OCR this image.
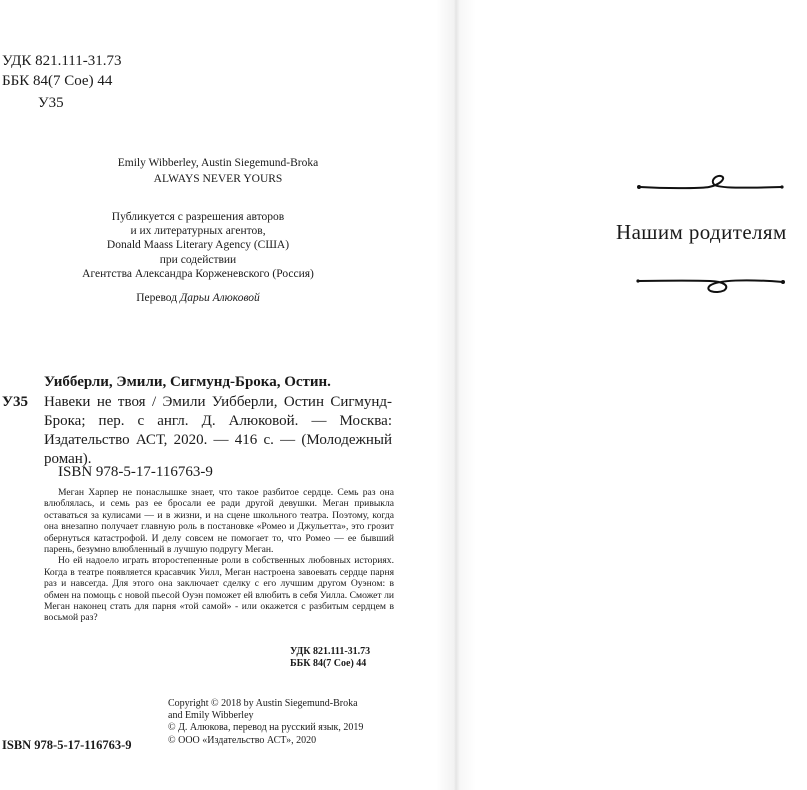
УДК 821.111-31.73
ББК 84(7 Сое) 44
У35
Emily Wibberley, Austin Siegemund-Broka
ALWAYS NEVER YOURS
Публикуется с разрешения авторов
и их литературных агентов,
Donald Maass Literary Agency (США)
при содействии
Агентства Александра Корженевского (Россия)
Перевод Дарьи Алюковой
Уибберли, Эмили, Сигмунд-Брока, Остин.
У35 Навеки не твоя / Эмили Уибберли, Остин Сигмунд-Брока; пер. с англ. Д. Алюковой. — Москва: Издательство АСТ, 2020. — 416 с. — (Молодежный роман).
ISBN 978-5-17-116763-9

Меган Харпер не понаслышке знает, что такое разбитое сердце. Семь раз она влюблялась, и семь раз ее бросали ее ради другой девушки. Меган привыкла оставаться за кулисами — и в жизни, и на сцене школьного театра. Поэтому, когда она внезапно получает главную роль в постановке «Ромео и Джульетта», это грозит обернуться катастрофой. И делу совсем не помогает то, что Ромео — ее бывший парень, безумно влюбленный в лучшую подругу Меган.

Но ей надоело играть второстепенные роли в собственных любовных историях. Когда в театре появляется красавчик Уилл, Меган настроена завоевать сердце парня раз и навсегда. Для этого она заключает сделку с его лучшим другом Оуэном: в обмен на помощь с новой пьесой Оуэн поможет ей влюбить в себя Уилла. Сможет ли Меган наконец стать для парня «той самой» - или окажется с разбитым сердцем в восьмой раз?

УДК 821.111-31.73
ББК 84(7 Сое) 44
Copyright © 2018 by Austin Siegemund-Broka
and Emily Wibberley
© Д. Алюкова, перевод на русский язык, 2019
© ООО «Издательство АСТ», 2020
ISBN 978-5-17-116763-9
Нашим родителям
